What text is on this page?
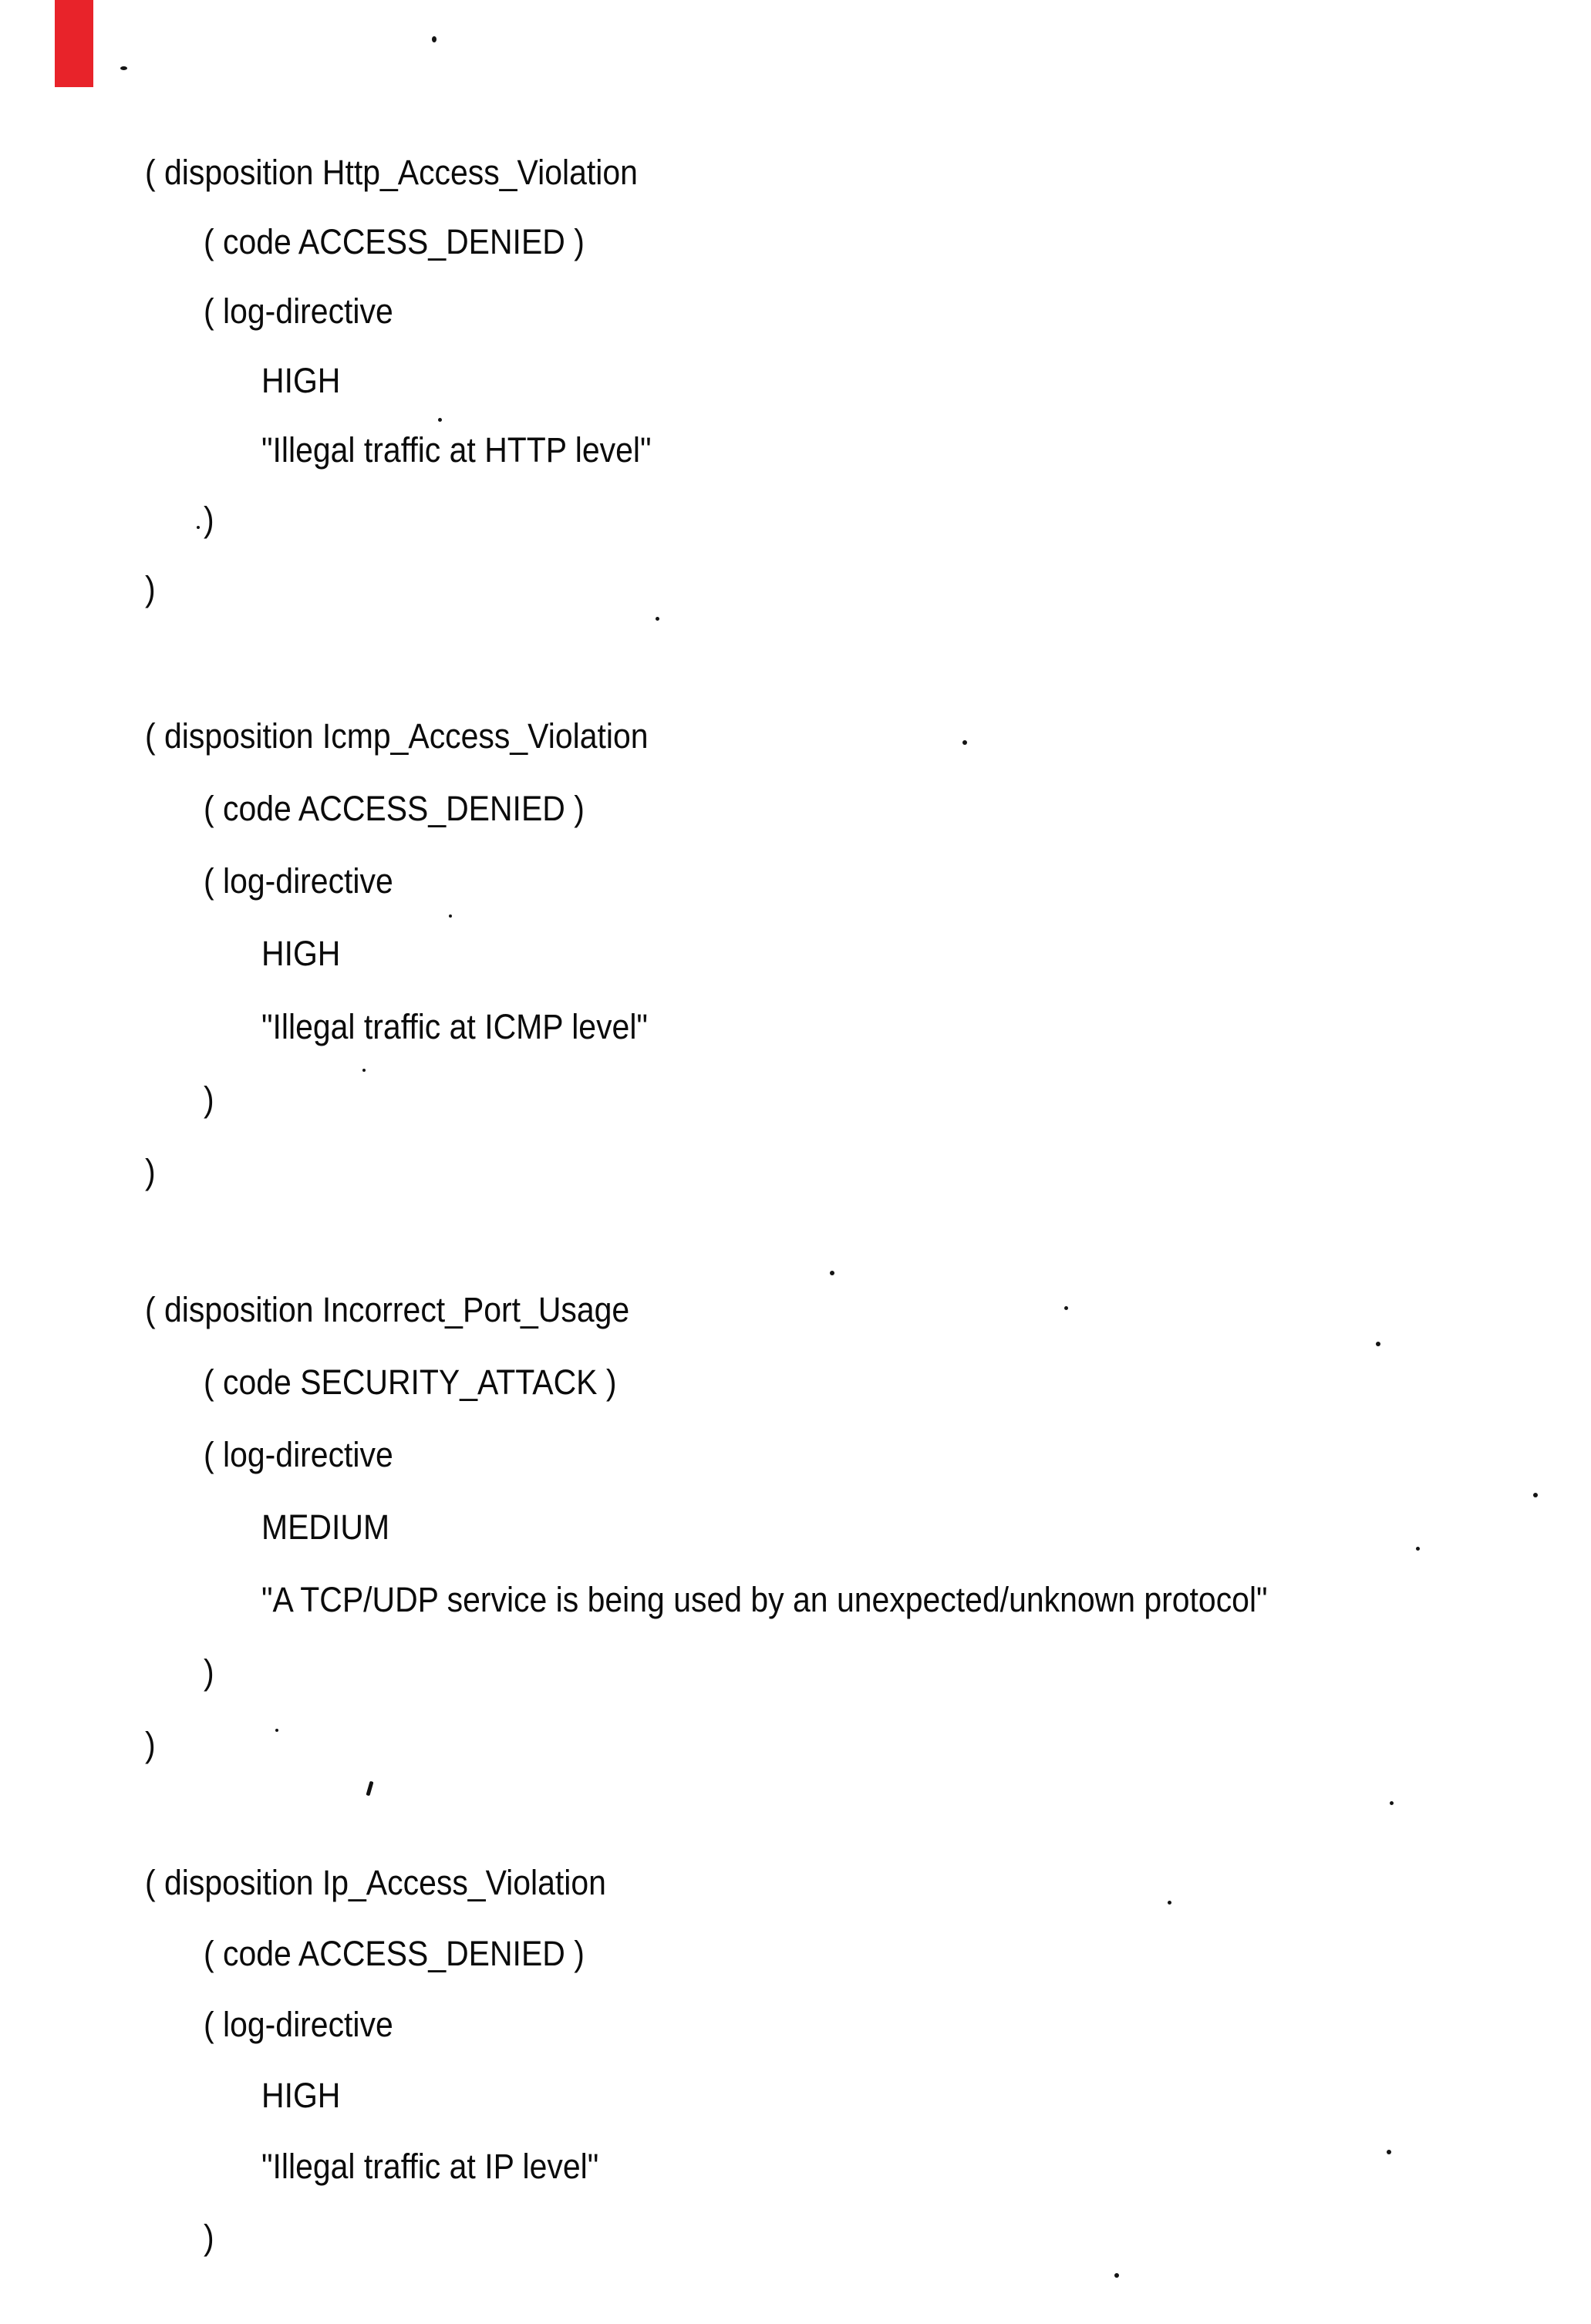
( disposition Http_Access_Violation
( code ACCESS_DENIED )
( log-directive
HIGH
"Illegal traffic at HTTP level"
)
)
( disposition Icmp_Access_Violation
( code ACCESS_DENIED )
( log-directive
HIGH
"Illegal traffic at ICMP level"
)
)
( disposition Incorrect_Port_Usage
( code SECURITY_ATTACK )
( log-directive
MEDIUM
"A TCP/UDP service is being used by an unexpected/unknown protocol"
)
)
( disposition Ip_Access_Violation
( code ACCESS_DENIED )
( log-directive
HIGH
"Illegal traffic at IP level"
)
